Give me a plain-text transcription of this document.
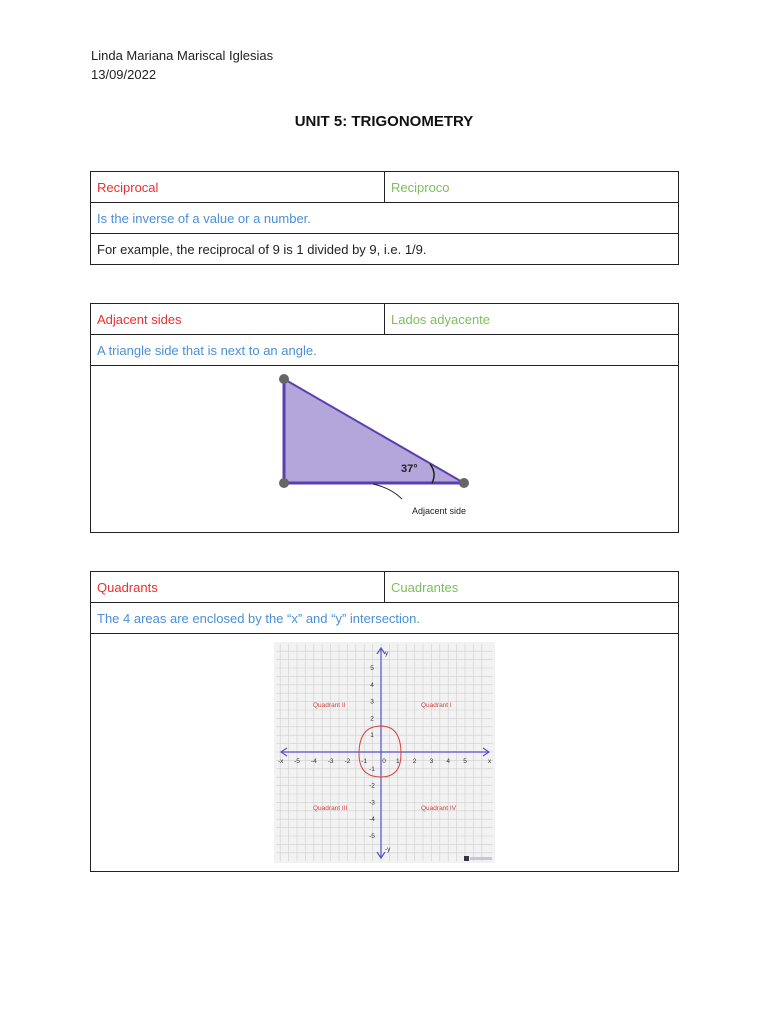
Linda Mariana Mariscal Iglesias
13/09/2022
UNIT 5: TRIGONOMETRY
Reciprocal	Reciproco
Is the inverse of a value or a number.
For example, the reciprocal of 9 is 1 divided by 9, i.e. 1/9.
Adjacent sides	Lados adyacente
A triangle side that is next to an angle.

37°
Adjacent side
Quadrants	Cuadrantes
The 4 areas are enclosed by the “x” and “y” intersection.

-5 -4 -3 -2 -1 0 1 2 3 4 5
5
4
3
2
1
-1
-2
-3
-4
-5
-x	x
y
-y
Quadrant II	Quadrant I
Quadrant III	Quadrant IV
